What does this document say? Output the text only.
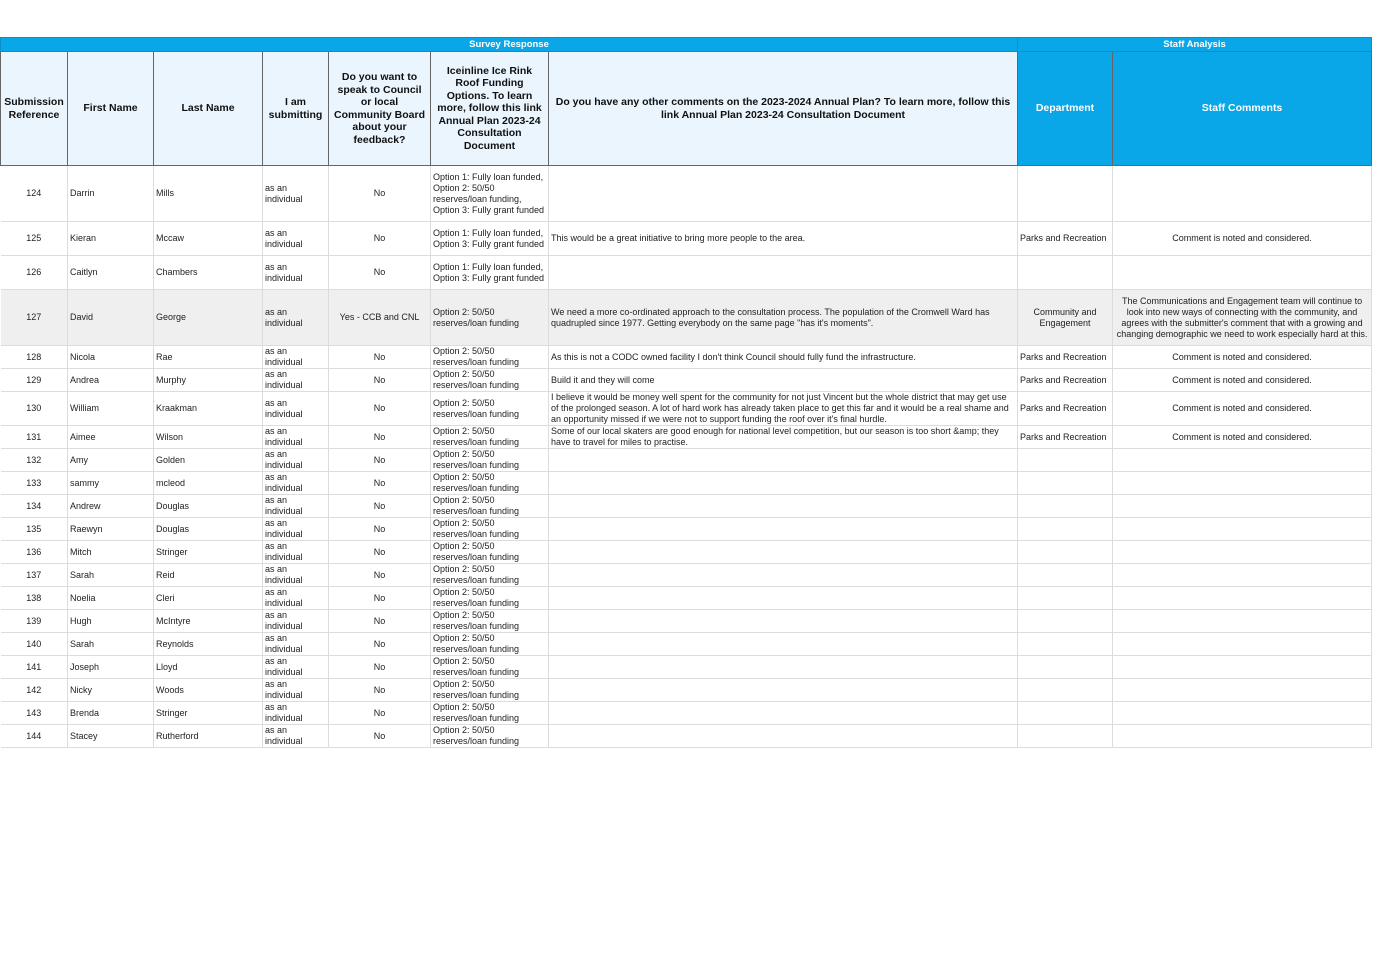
Survey Response							Staff Analysis	
Submission Reference	First Name	Last Name	I am submitting	Do you want to speak to Council or local Community Board about your feedback?	Iceinline Ice Rink Roof Funding Options. To learn more, follow this link Annual Plan 2023-24 Consultation Document	Do you have any other comments on the 2023-2024 Annual Plan? To learn more, follow this link Annual Plan 2023-24 Consultation Document	Department	Staff Comments
124	Darrin	Mills	as an individual	No	Option 1: Fully loan funded, Option 2: 50/50 reserves/loan funding, Option 3: Fully grant funded			
125	Kieran	Mccaw	as an individual	No	Option 1: Fully loan funded, Option 3: Fully grant funded	This would be a great initiative to bring more people to the area.	Parks and Recreation	Comment is noted and considered.
126	Caitlyn	Chambers	as an individual	No	Option 1: Fully loan funded, Option 3: Fully grant funded			
127	David	George	as an individual	Yes - CCB and CNL	Option 2: 50/50 reserves/loan funding	We need a more co-ordinated approach to the consultation process. The population of the Cromwell Ward has quadrupled since 1977. Getting everybody on the same page "has it's moments".	Community and Engagement	The Communications and Engagement team will continue to look into new ways of connecting with the community, and agrees with the submitter's comment that with a growing and changing demographic we need to work especially hard at this.
128	Nicola	Rae	as an individual	No	Option 2: 50/50 reserves/loan funding	As this is not a CODC owned facility I don't think Council should fully fund the infrastructure.	Parks and Recreation	Comment is noted and considered.
129	Andrea	Murphy	as an individual	No	Option 2: 50/50 reserves/loan funding	Build it and they will come	Parks and Recreation	Comment is noted and considered.
130	William	Kraakman	as an individual	No	Option 2: 50/50 reserves/loan funding	I believe it would be money well spent for the community for not just Vincent but the whole district that may get use of the prolonged season. A lot of hard work has already taken place to get this far and it would be a real shame and an opportunity missed if we were not to support funding the roof over it's final hurdle.	Parks and Recreation	Comment is noted and considered.
131	Aimee	Wilson	as an individual	No	Option 2: 50/50 reserves/loan funding	Some of our local skaters are good enough for national level competition, but our season is too short &amp; they have to travel for miles to practise.	Parks and Recreation	Comment is noted and considered.
132	Amy	Golden	as an individual	No	Option 2: 50/50 reserves/loan funding			
133	sammy	mcleod	as an individual	No	Option 2: 50/50 reserves/loan funding			
134	Andrew	Douglas	as an individual	No	Option 2: 50/50 reserves/loan funding			
135	Raewyn	Douglas	as an individual	No	Option 2: 50/50 reserves/loan funding			
136	Mitch	Stringer	as an individual	No	Option 2: 50/50 reserves/loan funding			
137	Sarah	Reid	as an individual	No	Option 2: 50/50 reserves/loan funding			
138	Noelia	Cleri	as an individual	No	Option 2: 50/50 reserves/loan funding			
139	Hugh	McIntyre	as an individual	No	Option 2: 50/50 reserves/loan funding			
140	Sarah	Reynolds	as an individual	No	Option 2: 50/50 reserves/loan funding			
141	Joseph	Lloyd	as an individual	No	Option 2: 50/50 reserves/loan funding			
142	Nicky	Woods	as an individual	No	Option 2: 50/50 reserves/loan funding			
143	Brenda	Stringer	as an individual	No	Option 2: 50/50 reserves/loan funding			
144	Stacey	Rutherford	as an individual	No	Option 2: 50/50 reserves/loan funding			
